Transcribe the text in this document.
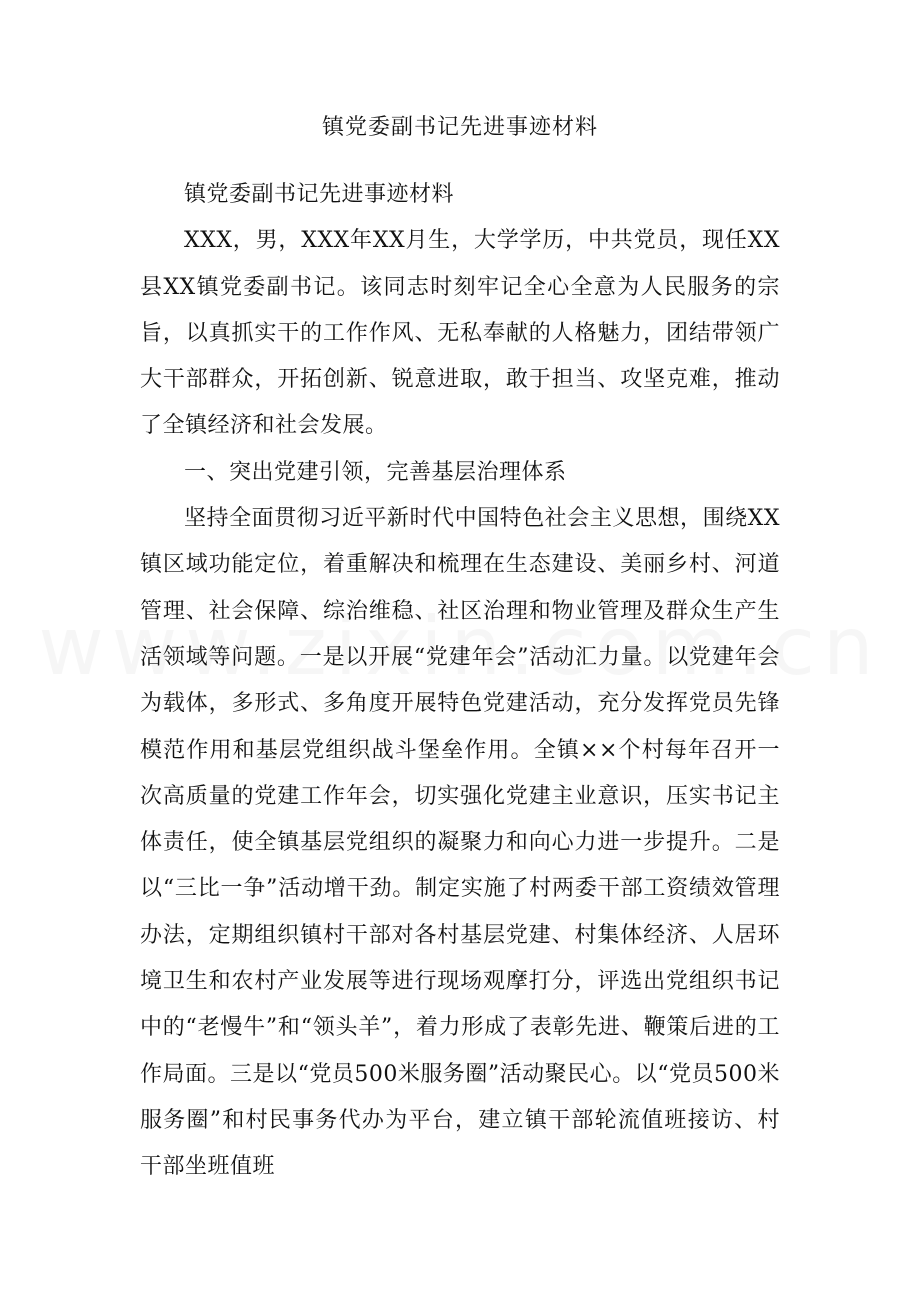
镇党委副书记先进事迹材料

镇党委副书记先进事迹材料

XXX，男，XXX年XX月生，大学学历，中共党员，现任XX县XX镇党委副书记。该同志时刻牢记全心全意为人民服务的宗旨，以真抓实干的工作作风、无私奉献的人格魅力，团结带领广大干部群众，开拓创新、锐意进取，敢于担当、攻坚克难，推动了全镇经济和社会发展。

一、突出党建引领，完善基层治理体系

坚持全面贯彻习近平新时代中国特色社会主义思想，围绕XX镇区域功能定位，着重解决和梳理在生态建设、美丽乡村、河道管理、社会保障、综治维稳、社区治理和物业管理及群众生产生活领域等问题。一是以开展“党建年会”活动汇力量。以党建年会为载体，多形式、多角度开展特色党建活动，充分发挥党员先锋模范作用和基层党组织战斗堡垒作用。全镇××个村每年召开一次高质量的党建工作年会，切实强化党建主业意识，压实书记主体责任，使全镇基层党组织的凝聚力和向心力进一步提升。二是以“三比一争”活动增干劲。制定实施了村两委干部工资绩效管理办法，定期组织镇村干部对各村基层党建、村集体经济、人居环境卫生和农村产业发展等进行现场观摩打分，评选出党组织书记中的“老慢牛”和“领头羊”，着力形成了表彰先进、鞭策后进的工作局面。三是以“党员500米服务圈”活动聚民心。以“党员500米服务圈”和村民事务代办为平台，建立镇干部轮流值班接访、村干部坐班值班
